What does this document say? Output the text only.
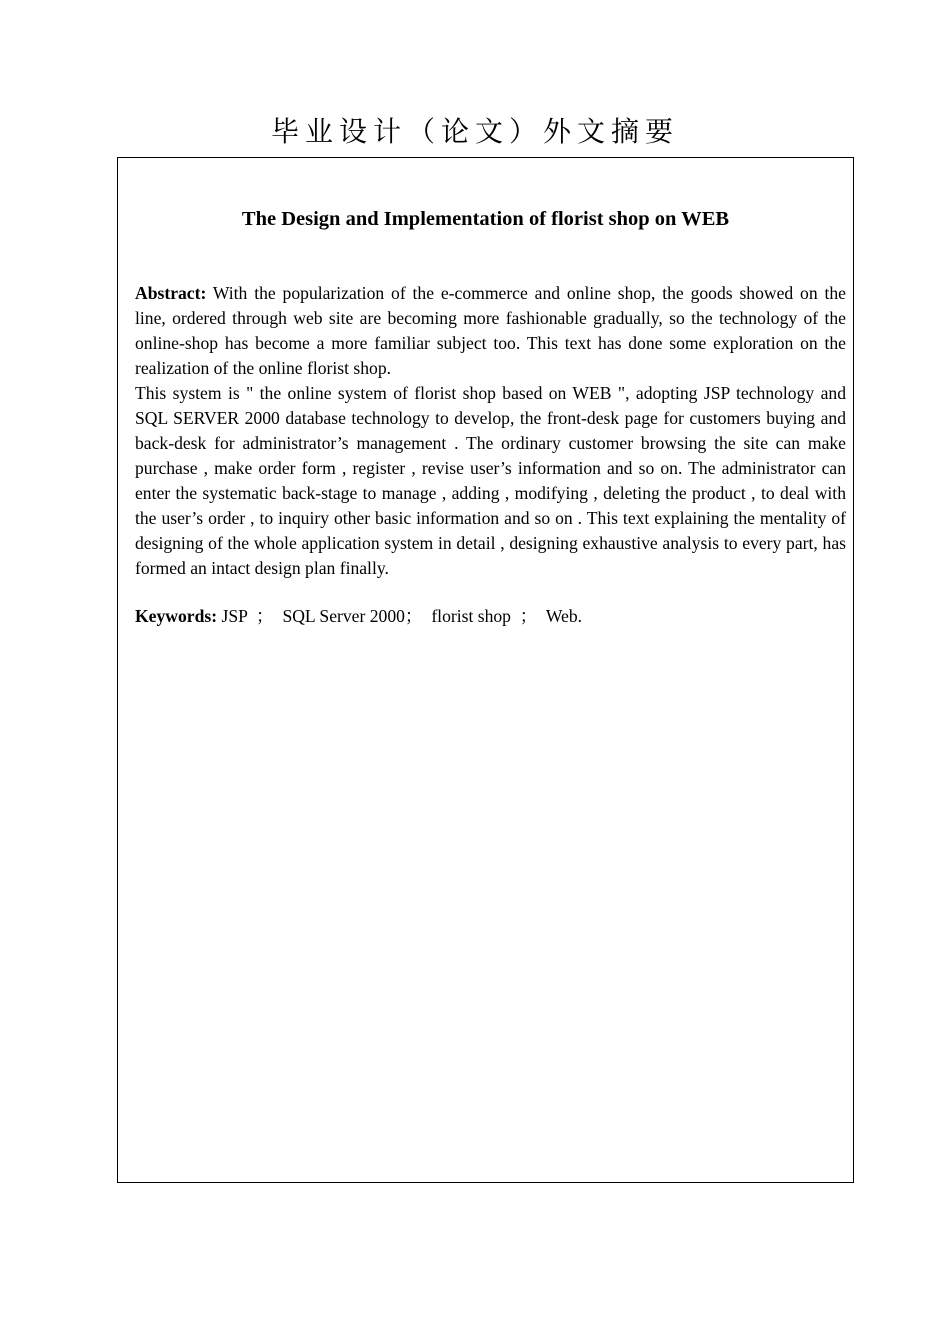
毕业设计（论文）外文摘要
The Design and Implementation of florist shop on WEB

Abstract: With the popularization of the e-commerce and online shop, the goods showed on the line, ordered through web site are becoming more fashionable gradually, so the technology of the online-shop has become a more familiar subject too. This text has done some exploration on the realization of the online florist shop.

This system is " the online system of florist shop based on WEB ", adopting JSP technology and SQL SERVER 2000 database technology to develop, the front-desk page for customers buying and back-desk for administrator’s management . The ordinary customer browsing the site can make purchase , make order form , register , revise user’s information and so on. The administrator can enter the systematic back-stage to manage , adding , modifying , deleting the product , to deal with the user’s order , to inquiry other basic information and so on . This text explaining the mentality of designing of the whole application system in detail , designing exhaustive analysis to every part, has formed an intact design plan finally.

Keywords: JSP  ；  SQL Server 2000；  florist shop  ；  Web.
